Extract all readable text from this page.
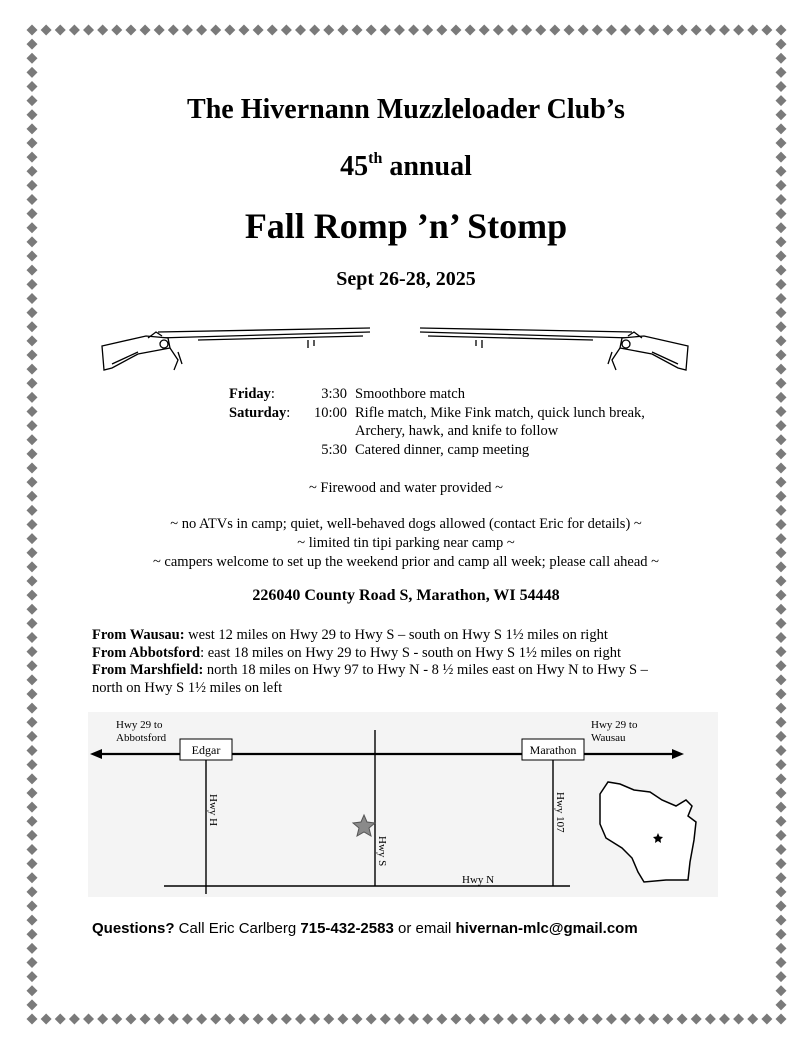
The Hivernann Muzzleloader Club’s
45th annual
Fall Romp ’n’ Stomp
Sept 26-28, 2025
Friday:	3:30 Smoothbore match
Saturday:	10:00 Rifle match, Mike Fink match, quick lunch break,
Archery, hawk, and knife to follow
5:30 Catered dinner, camp meeting
~ Firewood and water provided ~
~ no ATVs in camp; quiet, well-behaved dogs allowed (contact Eric for details) ~
~ limited tin tipi parking near camp ~
~ campers welcome to set up the weekend prior and camp all week; please call ahead ~
226040 County Road S, Marathon, WI 54448
From Wausau: west 12 miles on Hwy 29 to Hwy S – south on Hwy S 1½ miles on right
From Abbotsford: east 18 miles on Hwy 29 to Hwy S - south on Hwy S 1½ miles on right
From Marshfield: north 18 miles on Hwy 97 to Hwy N - 8 ½ miles east on Hwy N to Hwy S –
north on Hwy S 1½ miles on left
Hwy 29 to
Abbotsford
Hwy 29 to
Wausau
Edgar	Marathon
Hwy H
Hwy S
Hwy 107
Hwy N
Questions? Call Eric Carlberg 715-432-2583 or email hivernan-mlc@gmail.com
